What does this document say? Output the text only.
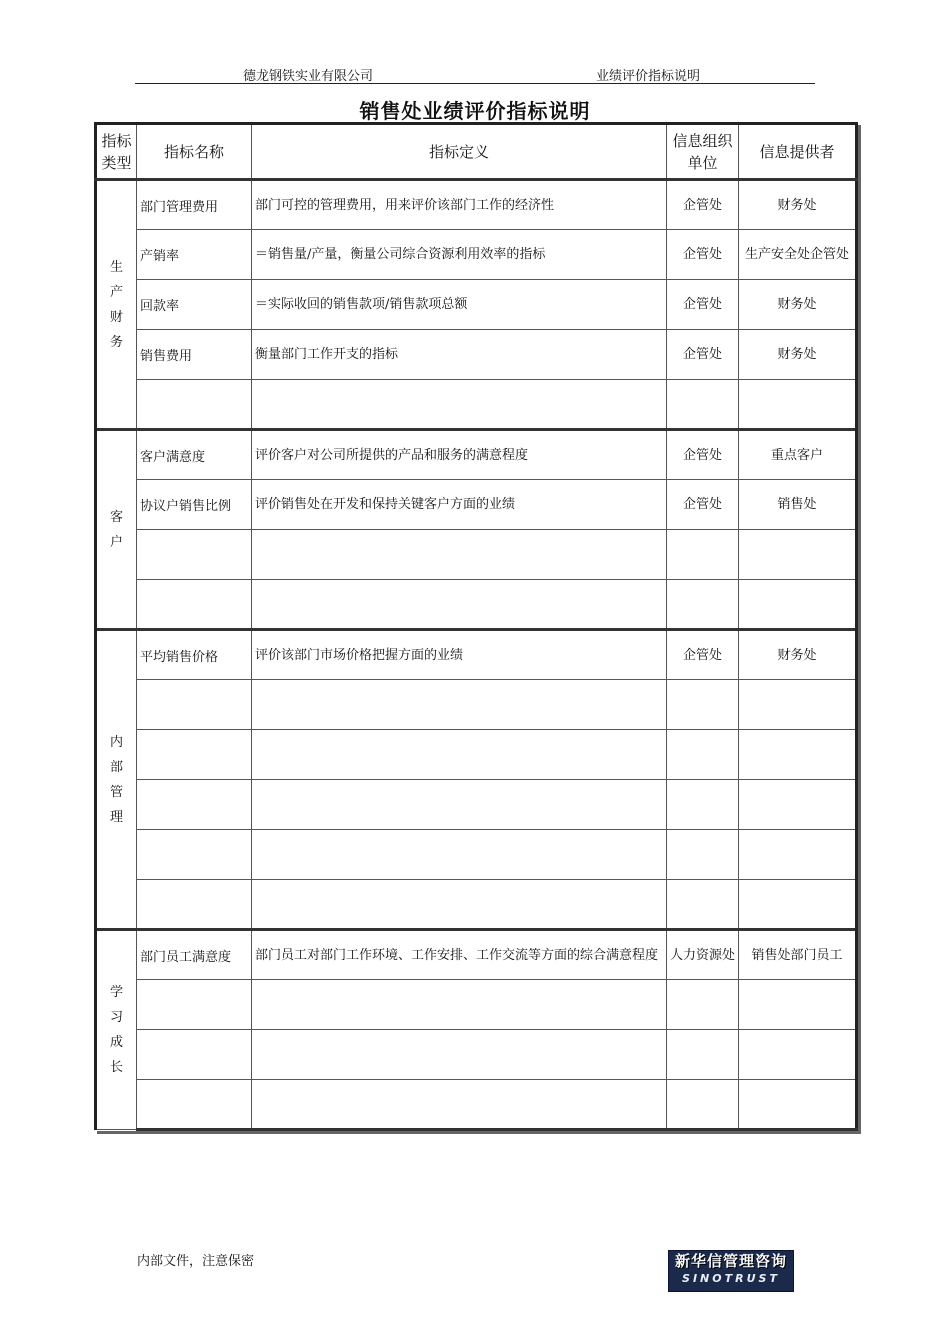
德龙钢铁实业有限公司	业绩评价指标说明
销售处业绩评价指标说明
指标类型	指标名称	指标定义	信息组织单位	信息提供者
生产财务	部门管理费用	部门可控的管理费用，用来评价该部门工作的经济性	企管处	财务处
	产销率	＝销售量/产量，衡量公司综合资源利用效率的指标	企管处	生产安全处企管处
	回款率	＝实际收回的销售款项/销售款项总额	企管处	财务处
	销售费用	衡量部门工作开支的指标	企管处	财务处

客户	客户满意度	评价客户对公司所提供的产品和服务的满意程度	企管处	重点客户
	协议户销售比例	评价销售处在开发和保持关键客户方面的业绩	企管处	销售处

内部管理	平均销售价格	评价该部门市场价格把握方面的业绩	企管处	财务处

学习成长	部门员工满意度	部门员工对部门工作环境、工作安排、工作交流等方面的综合满意程度	人力资源处	销售处部门员工

内部文件，注意保密	新华信管理咨询
SINOTRUST
